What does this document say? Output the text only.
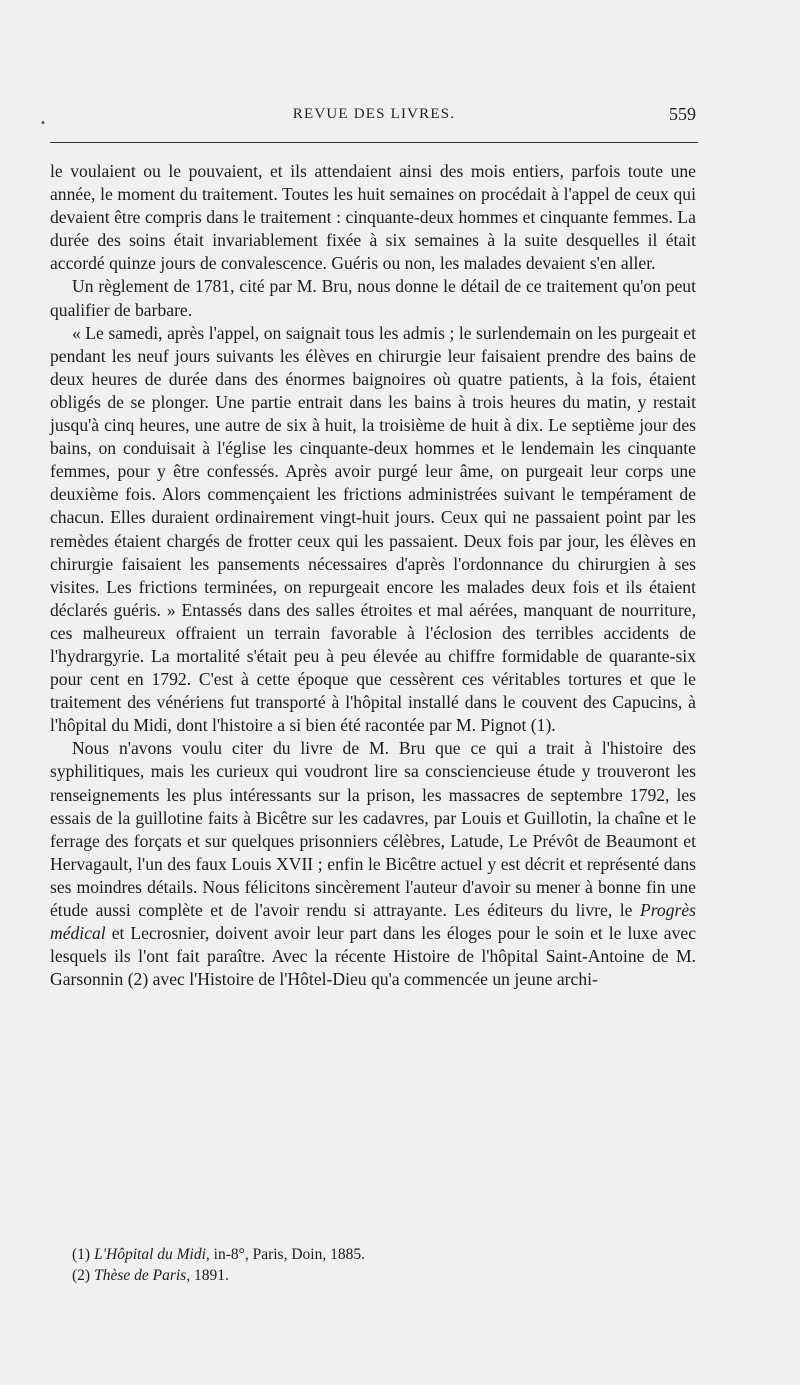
•
REVUE DES LIVRES.	559

le voulaient ou le pouvaient, et ils attendaient ainsi des mois entiers, parfois toute une année, le moment du traitement. Toutes les huit semaines on procédait à l'appel de ceux qui devaient être compris dans le traitement : cinquante-deux hommes et cinquante femmes. La durée des soins était invariablement fixée à six semaines à la suite desquelles il était accordé quinze jours de convalescence. Guéris ou non, les malades devaient s'en aller.

Un règlement de 1781, cité par M. Bru, nous donne le détail de ce traitement qu'on peut qualifier de barbare.

« Le samedi, après l'appel, on saignait tous les admis ; le surlendemain on les purgeait et pendant les neuf jours suivants les élèves en chirurgie leur faisaient prendre des bains de deux heures de durée dans des énormes baignoires où quatre patients, à la fois, étaient obligés de se plonger. Une partie entrait dans les bains à trois heures du matin, y restait jusqu'à cinq heures, une autre de six à huit, la troisième de huit à dix. Le septième jour des bains, on conduisait à l'église les cinquante-deux hommes et le lendemain les cinquante femmes, pour y être confessés. Après avoir purgé leur âme, on purgeait leur corps une deuxième fois. Alors commençaient les frictions administrées suivant le tempérament de chacun. Elles duraient ordinairement vingt-huit jours. Ceux qui ne passaient point par les remèdes étaient chargés de frotter ceux qui les passaient. Deux fois par jour, les élèves en chirurgie faisaient les pansements nécessaires d'après l'ordonnance du chirurgien à ses visites. Les frictions terminées, on repurgeait encore les malades deux fois et ils étaient déclarés guéris. » Entassés dans des salles étroites et mal aérées, manquant de nourriture, ces malheureux offraient un terrain favorable à l'éclosion des terribles accidents de l'hydrargyrie. La mortalité s'était peu à peu élevée au chiffre formidable de quarante-six pour cent en 1792. C'est à cette époque que cessèrent ces véritables tortures et que le traitement des vénériens fut transporté à l'hôpital installé dans le couvent des Capucins, à l'hôpital du Midi, dont l'histoire a si bien été racontée par M. Pignot (1).

Nous n'avons voulu citer du livre de M. Bru que ce qui a trait à l'histoire des syphilitiques, mais les curieux qui voudront lire sa consciencieuse étude y trouveront les renseignements les plus intéressants sur la prison, les massacres de septembre 1792, les essais de la guillotine faits à Bicêtre sur les cadavres, par Louis et Guillotin, la chaîne et le ferrage des forçats et sur quelques prisonniers célèbres, Latude, Le Prévôt de Beaumont et Hervagault, l'un des faux Louis XVII ; enfin le Bicêtre actuel y est décrit et représenté dans ses moindres détails. Nous félicitons sincèrement l'auteur d'avoir su mener à bonne fin une étude aussi complète et de l'avoir rendu si attrayante. Les éditeurs du livre, le Progrès médical et Lecrosnier, doivent avoir leur part dans les éloges pour le soin et le luxe avec lesquels ils l'ont fait paraître. Avec la récente Histoire de l'hôpital Saint-Antoine de M. Garsonnin (2) avec l'Histoire de l'Hôtel-Dieu qu'a commencée un jeune archi-

(1) L'Hôpital du Midi, in-8°, Paris, Doin, 1885.

(2) Thèse de Paris, 1891.
